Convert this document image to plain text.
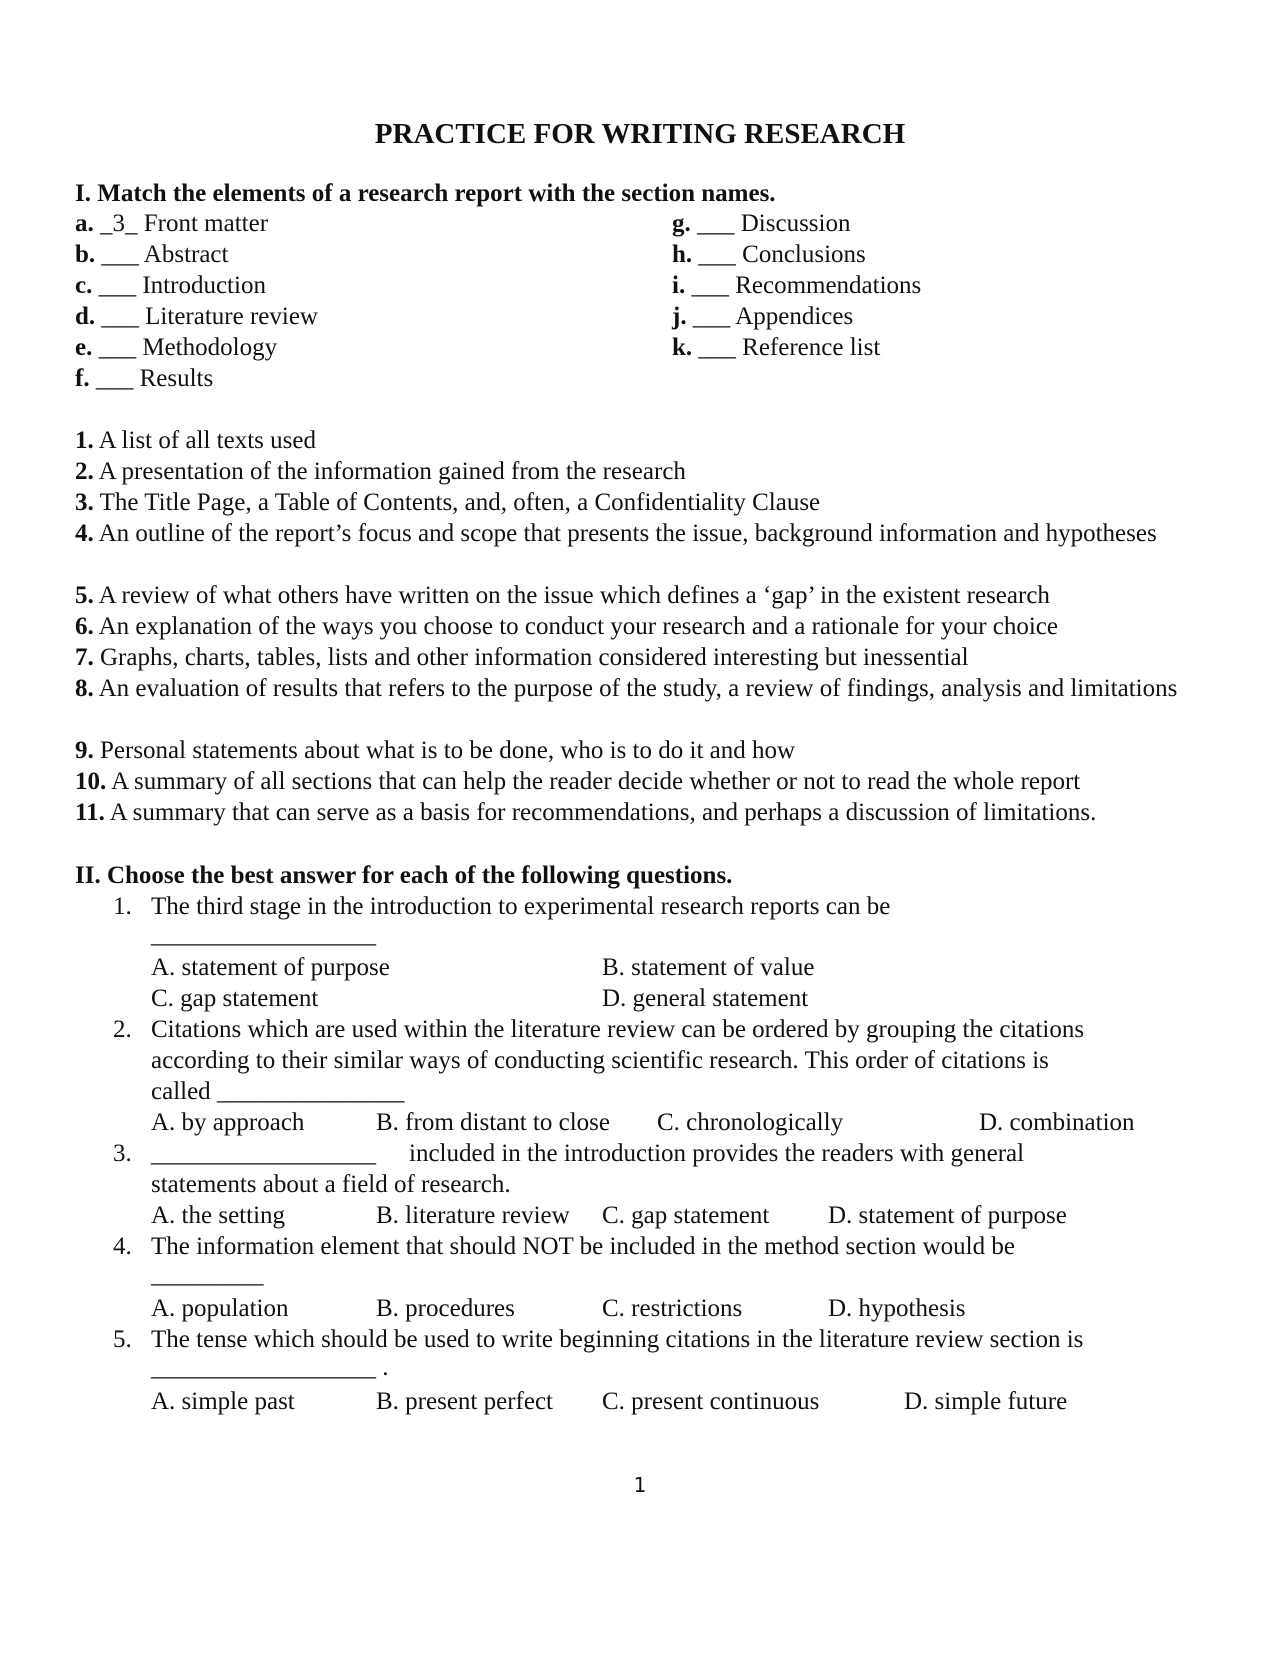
PRACTICE FOR WRITING RESEARCH
I. Match the elements of a research report with the section names.
a. _3_ Front matter
b. ___ Abstract
c. ___ Introduction
d. ___ Literature review
e. ___ Methodology
f. ___ Results
g. ___ Discussion
h. ___ Conclusions
i. ___ Recommendations
j. ___ Appendices
k. ___ Reference list
1. A list of all texts used
2. A presentation of the information gained from the research
3. The Title Page, a Table of Contents, and, often, a Confidentiality Clause
4. An outline of the report’s focus and scope that presents the issue, background information and hypotheses
5. A review of what others have written on the issue which defines a ‘gap’ in the existent research
6. An explanation of the ways you choose to conduct your research and a rationale for your choice
7. Graphs, charts, tables, lists and other information considered interesting but inessential
8. An evaluation of results that refers to the purpose of the study, a review of findings, analysis and limitations
9. Personal statements about what is to be done, who is to do it and how
10. A summary of all sections that can help the reader decide whether or not to read the whole report
11. A summary that can serve as a basis for recommendations, and perhaps a discussion of limitations.
II. Choose the best answer for each of the following questions.
1. The third stage in the introduction to experimental research reports can be
__________________
A. statement of purpose	B. statement of value
C. gap statement	D. general statement
2. Citations which are used within the literature review can be ordered by grouping the citations
according to their similar ways of conducting scientific research. This order of citations is
called _______________
A. by approach	B. from distant to close C. chronologically	D. combination
3. __________________ included in the introduction provides the readers with general
statements about a field of research.
A. the setting	B. literature review C. gap statement D. statement of purpose
4. The information element that should NOT be included in the method section would be
_________
A. population	B. procedures	C. restrictions	D. hypothesis
5. The tense which should be used to write beginning citations in the literature review section is
__________________ .
A. simple past	B. present perfect C. present continuous	D. simple future
1
